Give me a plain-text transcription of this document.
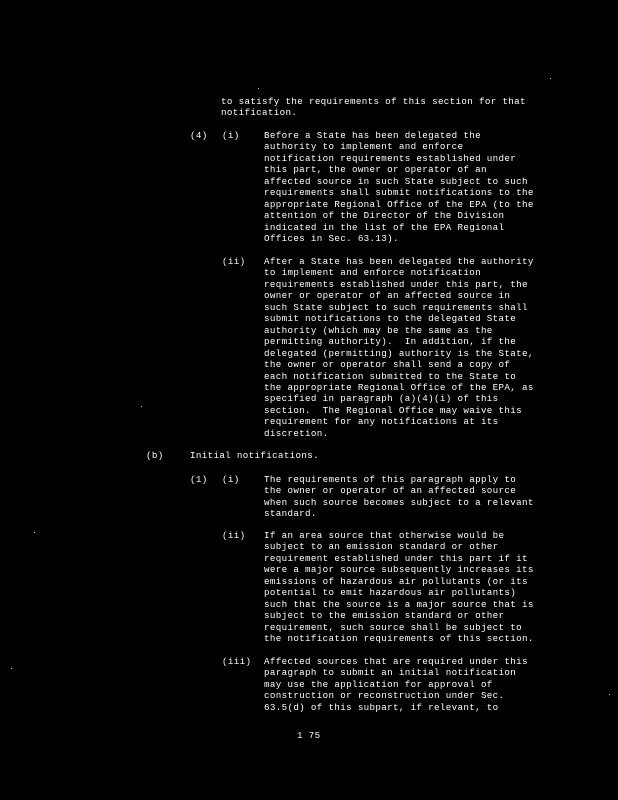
to satisfy the requirements of this section for that
notification.
(4) (i)	Before a State has been delegated the
authority to implement and enforce
notification requirements established under
this part, the owner or operator of an
affected source in such State subject to such
requirements shall submit notifications to the
appropriate Regional Office of the EPA (to the
attention of the Director of the Division
indicated in the list of the EPA Regional
Offices in Sec. 63.13).
(ii) After a State has been delegated the authority
to implement and enforce notification
requirements established under this part, the
owner or operator of an affected source in
such State subject to such requirements shall
submit notifications to the delegated State
authority (which may be the same as the
permitting authority).  In addition, if the
delegated (permitting) authority is the State,
the owner or operator shall send a copy of
each notification submitted to the State to
the appropriate Regional Office of the EPA, as
specified in paragraph (a)(4)(i) of this
section.  The Regional Office may waive this
requirement for any notifications at its
discretion.
(b)	Initial notifications.
(1) (i)	The requirements of this paragraph apply to
the owner or operator of an affected source
when such source becomes subject to a relevant
standard.
(ii) If an area source that otherwise would be
subject to an emission standard or other
requirement established under this part if it
were a major source subsequently increases its
emissions of hazardous air pollutants (or its
potential to emit hazardous air pollutants)
such that the source is a major source that is
subject to the emission standard or other
requirement, such source shall be subject to
the notification requirements of this section.
(iii) Affected sources that are required under this
paragraph to submit an initial notification
may use the application for approval of
construction or reconstruction under Sec.
63.5(d) of this subpart, if relevant, to
1 75
